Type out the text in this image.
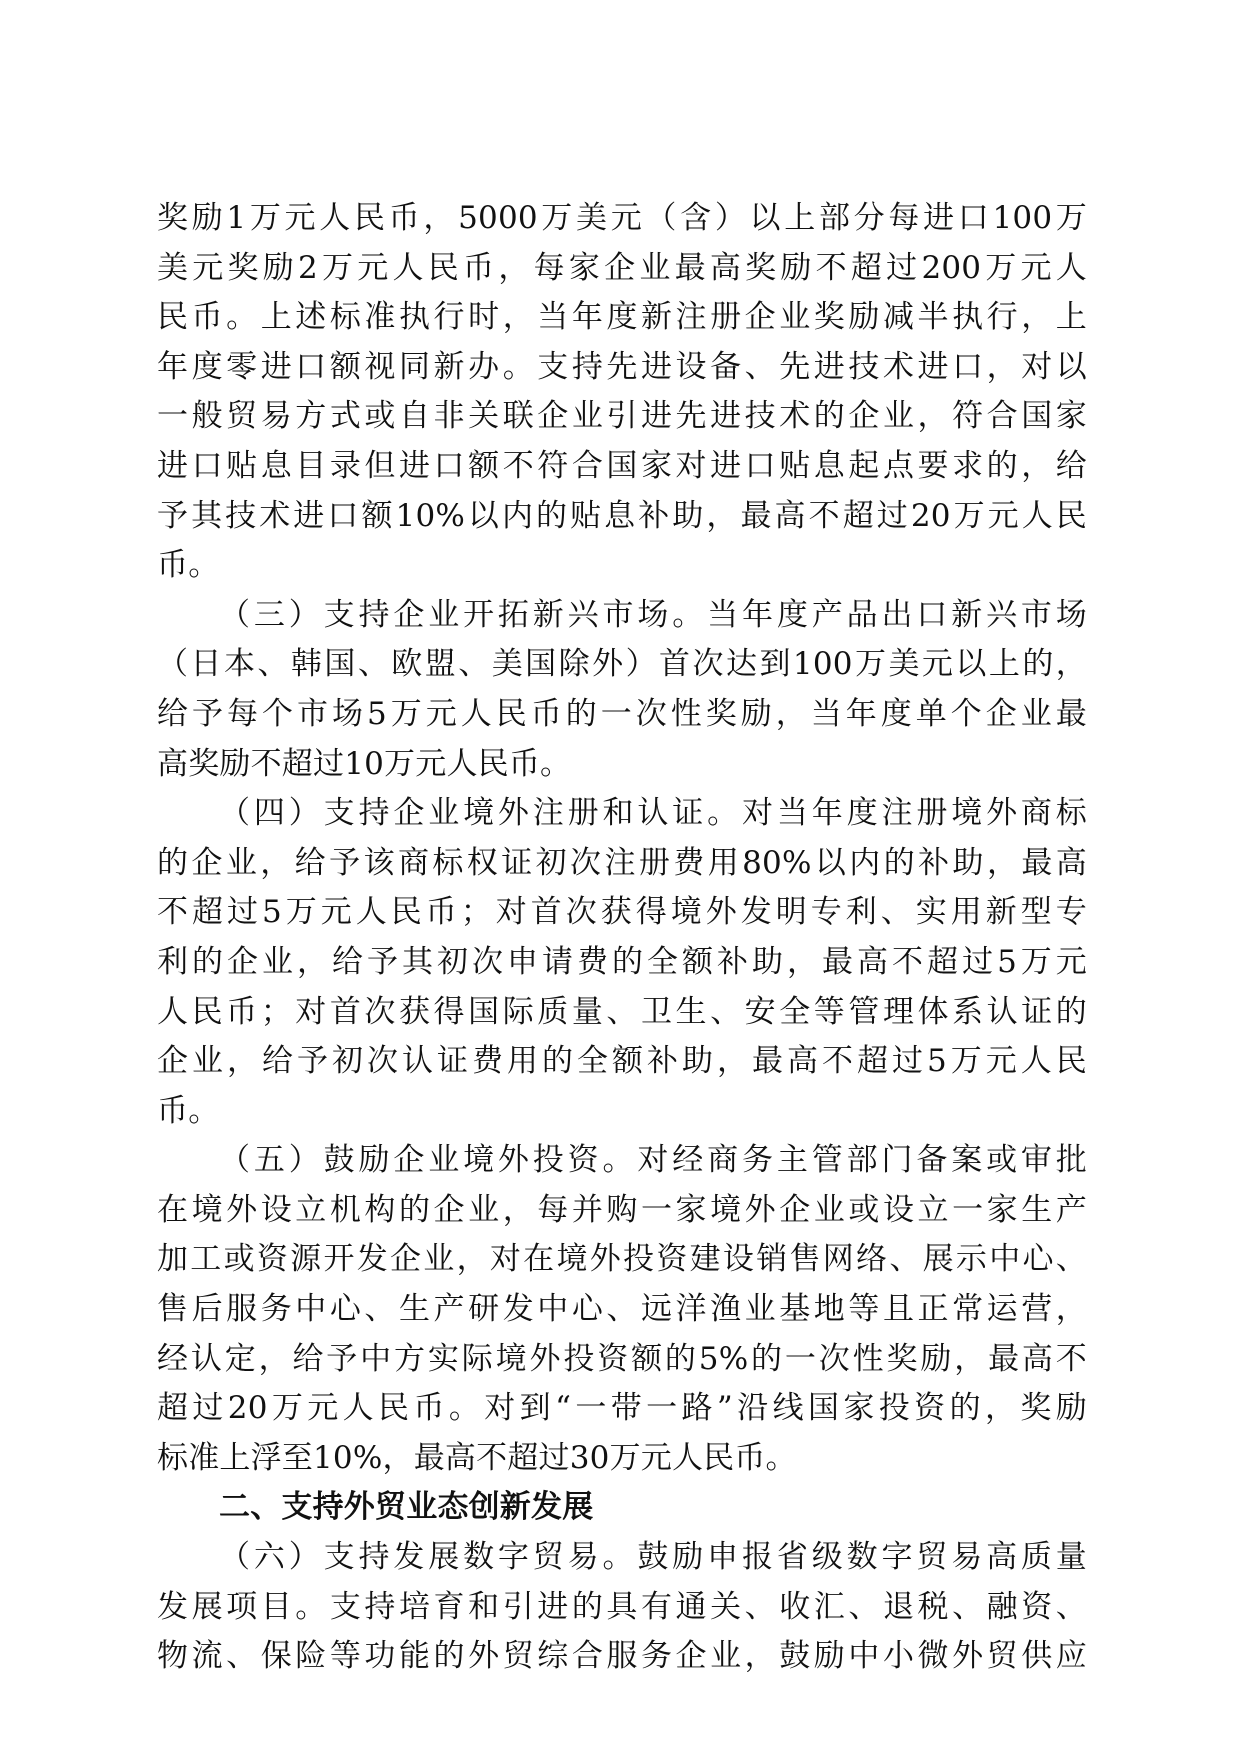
奖励1万元人民币，5000万美元（含）以上部分每进口100万
美元奖励2万元人民币，每家企业最高奖励不超过200万元人
民币。上述标准执行时，当年度新注册企业奖励减半执行，上
年度零进口额视同新办。支持先进设备、先进技术进口，对以
一般贸易方式或自非关联企业引进先进技术的企业，符合国家
进口贴息目录但进口额不符合国家对进口贴息起点要求的，给
予其技术进口额10%以内的贴息补助，最高不超过20万元人民
币。
（三）支持企业开拓新兴市场。当年度产品出口新兴市场
（日本、韩国、欧盟、美国除外）首次达到100万美元以上的，
给予每个市场5万元人民币的一次性奖励，当年度单个企业最
高奖励不超过10万元人民币。
（四）支持企业境外注册和认证。对当年度注册境外商标
的企业，给予该商标权证初次注册费用80%以内的补助，最高
不超过5万元人民币；对首次获得境外发明专利、实用新型专
利的企业，给予其初次申请费的全额补助，最高不超过5万元
人民币；对首次获得国际质量、卫生、安全等管理体系认证的
企业，给予初次认证费用的全额补助，最高不超过5万元人民
币。
（五）鼓励企业境外投资。对经商务主管部门备案或审批
在境外设立机构的企业，每并购一家境外企业或设立一家生产
加工或资源开发企业，对在境外投资建设销售网络、展示中心、
售后服务中心、生产研发中心、远洋渔业基地等且正常运营，
经认定，给予中方实际境外投资额的5%的一次性奖励，最高不
超过20万元人民币。对到“一带一路”沿线国家投资的，奖励
标准上浮至10%，最高不超过30万元人民币。
二、支持外贸业态创新发展
（六）支持发展数字贸易。鼓励申报省级数字贸易高质量
发展项目。支持培育和引进的具有通关、收汇、退税、融资、
物流、保险等功能的外贸综合服务企业，鼓励中小微外贸供应
